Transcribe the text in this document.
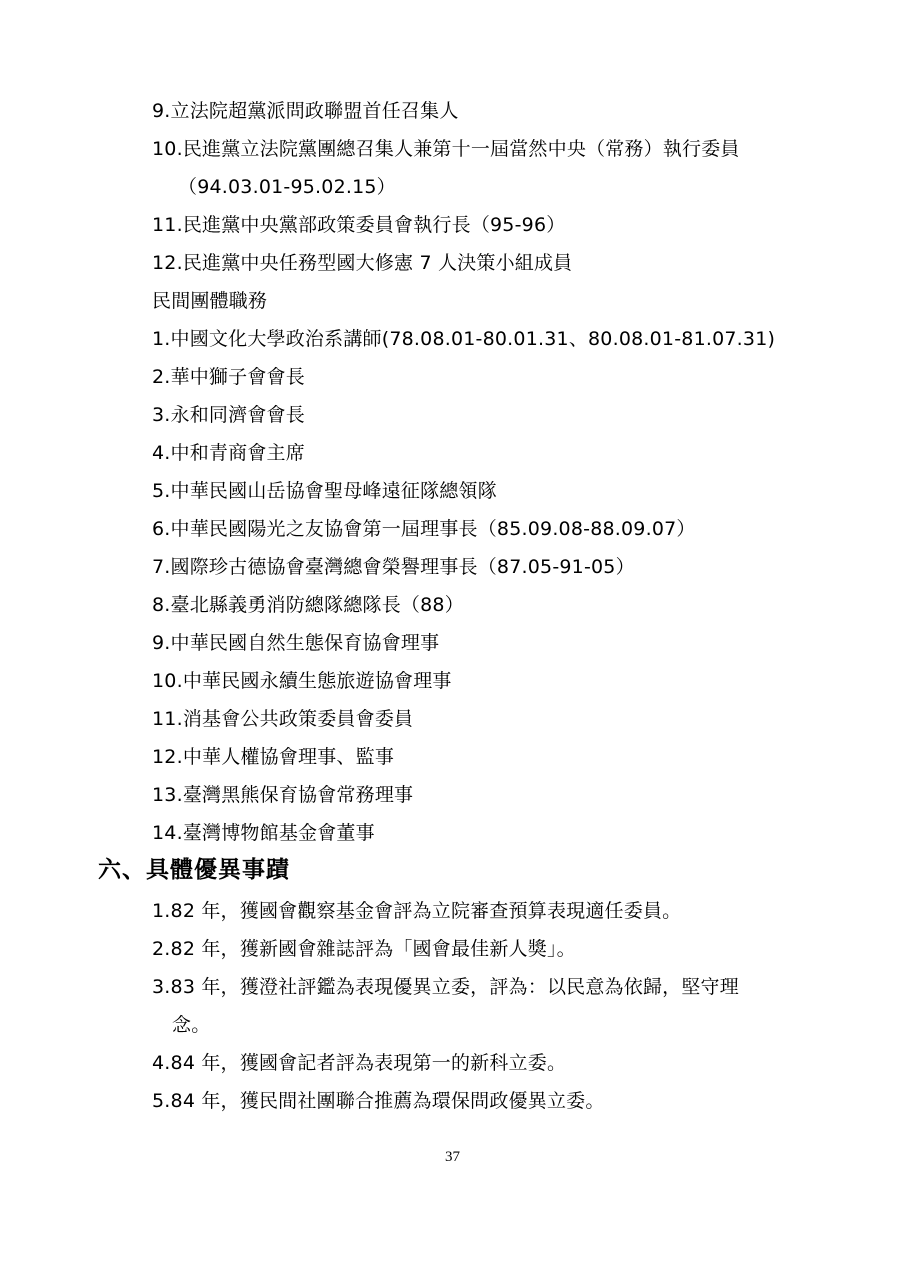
9.立法院超黨派問政聯盟首任召集人
10.民進黨立法院黨團總召集人兼第十一屆當然中央（常務）執行委員
（94.03.01-95.02.15）
11.民進黨中央黨部政策委員會執行長（95-96）
12.民進黨中央任務型國大修憲 7 人決策小組成員
民間團體職務
1.中國文化大學政治系講師(78.08.01-80.01.31、80.08.01-81.07.31)
2.華中獅子會會長
3.永和同濟會會長
4.中和青商會主席
5.中華民國山岳協會聖母峰遠征隊總領隊
6.中華民國陽光之友協會第一屆理事長（85.09.08-88.09.07）
7.國際珍古德協會臺灣總會榮譽理事長（87.05-91-05）
8.臺北縣義勇消防總隊總隊長（88）
9.中華民國自然生態保育協會理事
10.中華民國永續生態旅遊協會理事
11.消基會公共政策委員會委員
12.中華人權協會理事、監事
13.臺灣黑熊保育協會常務理事
14.臺灣博物館基金會董事
六、具體優異事蹟
1.82 年，獲國會觀察基金會評為立院審查預算表現適任委員。
2.82 年，獲新國會雜誌評為「國會最佳新人獎」。
3.83 年，獲澄社評鑑為表現優異立委，評為：以民意為依歸，堅守理
念。
4.84 年，獲國會記者評為表現第一的新科立委。
5.84 年，獲民間社團聯合推薦為環保問政優異立委。
37
